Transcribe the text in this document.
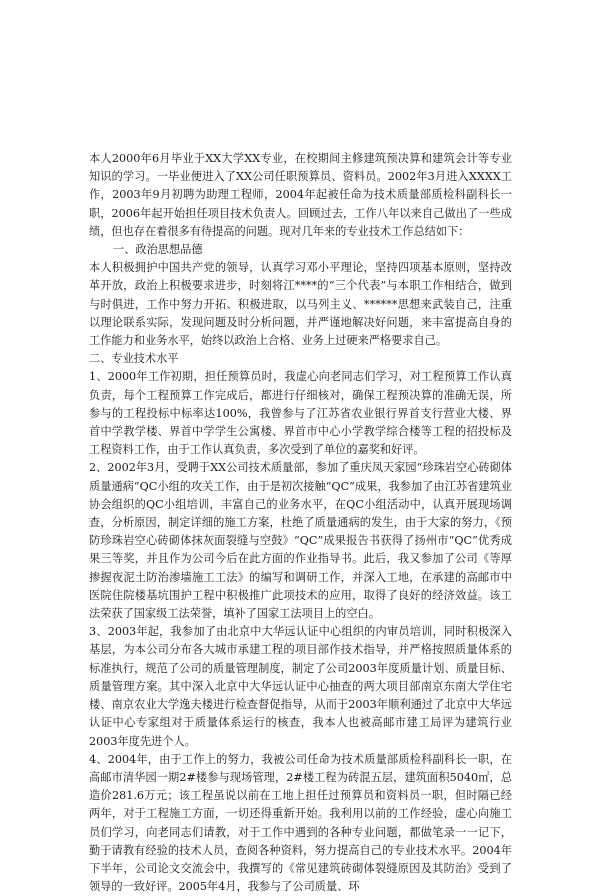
本人2000年6月毕业于XX大学XX专业，在校期间主修建筑预决算和建筑会计等专业知识的学习。一毕业便进入了XX公司任职预算员、资料员。2002年3月进入XXXX工作，2003年9月初聘为助理工程师，2004年起被任命为技术质量部质检科副科长一职，2006年起开始担任项目技术负责人。回顾过去，工作八年以来自己做出了一些成绩，但也存在着很多有待提高的问题。现对几年来的专业技术工作总结如下：

一、政治思想品德

本人积极拥护中国共产党的领导，认真学习邓小平理论，坚持四项基本原则，坚持改革开放，政治上积极要求进步，时刻将江****的“三个代表”与本职工作相结合，做到与时俱进，工作中努力开拓、积极进取，以马列主义、******思想来武装自己，注重以理论联系实际，发现问题及时分析问题，并严谨地解决好问题，来丰富提高自身的工作能力和业务水平，始终以政治上合格、业务上过硬来严格要求自己。

二、专业技术水平

1、2000年工作初期，担任预算员时，我虚心向老同志们学习，对工程预算工作认真负责，每个工程预算工作完成后，都进行仔细核对，确保工程预决算的准确无误，所参与的工程投标中标率达100%，我曾参与了江苏省农业银行界首支行营业大楼、界首中学教学楼、界首中学学生公寓楼、界首市中心小学教学综合楼等工程的招投标及工程资料工作，由于工作认真负责，多次受到了单位的嘉奖和好评。

2、2002年3月，受聘于XX公司技术质量部，参加了重庆凤天家园“珍珠岩空心砖砌体质量通病”QC小组的攻关工作，由于是初次接触“QC”成果，我参加了由江苏省建筑业协会组织的QC小组培训，丰富自己的业务水平，在QC小组活动中，认真开展现场调查，分析原因，制定详细的施工方案，杜绝了质量通病的发生，由于大家的努力，《预防珍珠岩空心砖砌体抹灰面裂缝与空鼓》“QC”成果报告书获得了扬州市“QC”优秀成果三等奖，并且作为公司今后在此方面的作业指导书。此后，我又参加了公司《等厚掺握夜泥土防治渗墙施工工法》的编写和调研工作，并深入工地，在承建的高邮市中医院住院楼基坑围护工程中积极推广此项技术的应用，取得了良好的经济效益。该工法荣获了国家级工法荣誉，填补了国家工法项目上的空白。

3、2003年起，我参加了由北京中大华远认证中心组织的内审员培训，同时积极深入基层，为本公司分布各大城市承建工程的项目部作技术指导，并严格按照质量体系的标准执行，规范了公司的质量管理制度，制定了公司2003年度质量计划、质量目标、质量管理方案。其中深入北京中大华远认证中心抽查的两大项目部南京东南大学住宅楼、南京农业大学逸夫楼进行检查督促指导，从而于2003年顺利通过了北京中大华远认证中心专家组对于质量体系运行的核查，我本人也被高邮市建工局评为建筑行业2003年度先进个人。

4、2004年，由于工作上的努力，我被公司任命为技术质量部质检科副科长一职，在高邮市清华园一期2#楼参与现场管理，2#楼工程为砖混五层，建筑面积5040㎡，总造价281.6万元；该工程虽说以前在工地上担任过预算员和资料员一职，但时隔已经两年，对于工程施工方面，一切还得重新开始。我利用以前的工作经验，虚心向施工员们学习，向老同志们请教，对于工作中遇到的各种专业问题，都做笔录一一记下，勤于请教有经验的技术人员，查阅各种资料，努力提高自己的专业技术水平。2004年下半年，公司论文交流会中，我撰写的《常见建筑砖砌体裂缝原因及其防治》受到了领导的一致好评。2005年4月，我参与了公司质量、环
